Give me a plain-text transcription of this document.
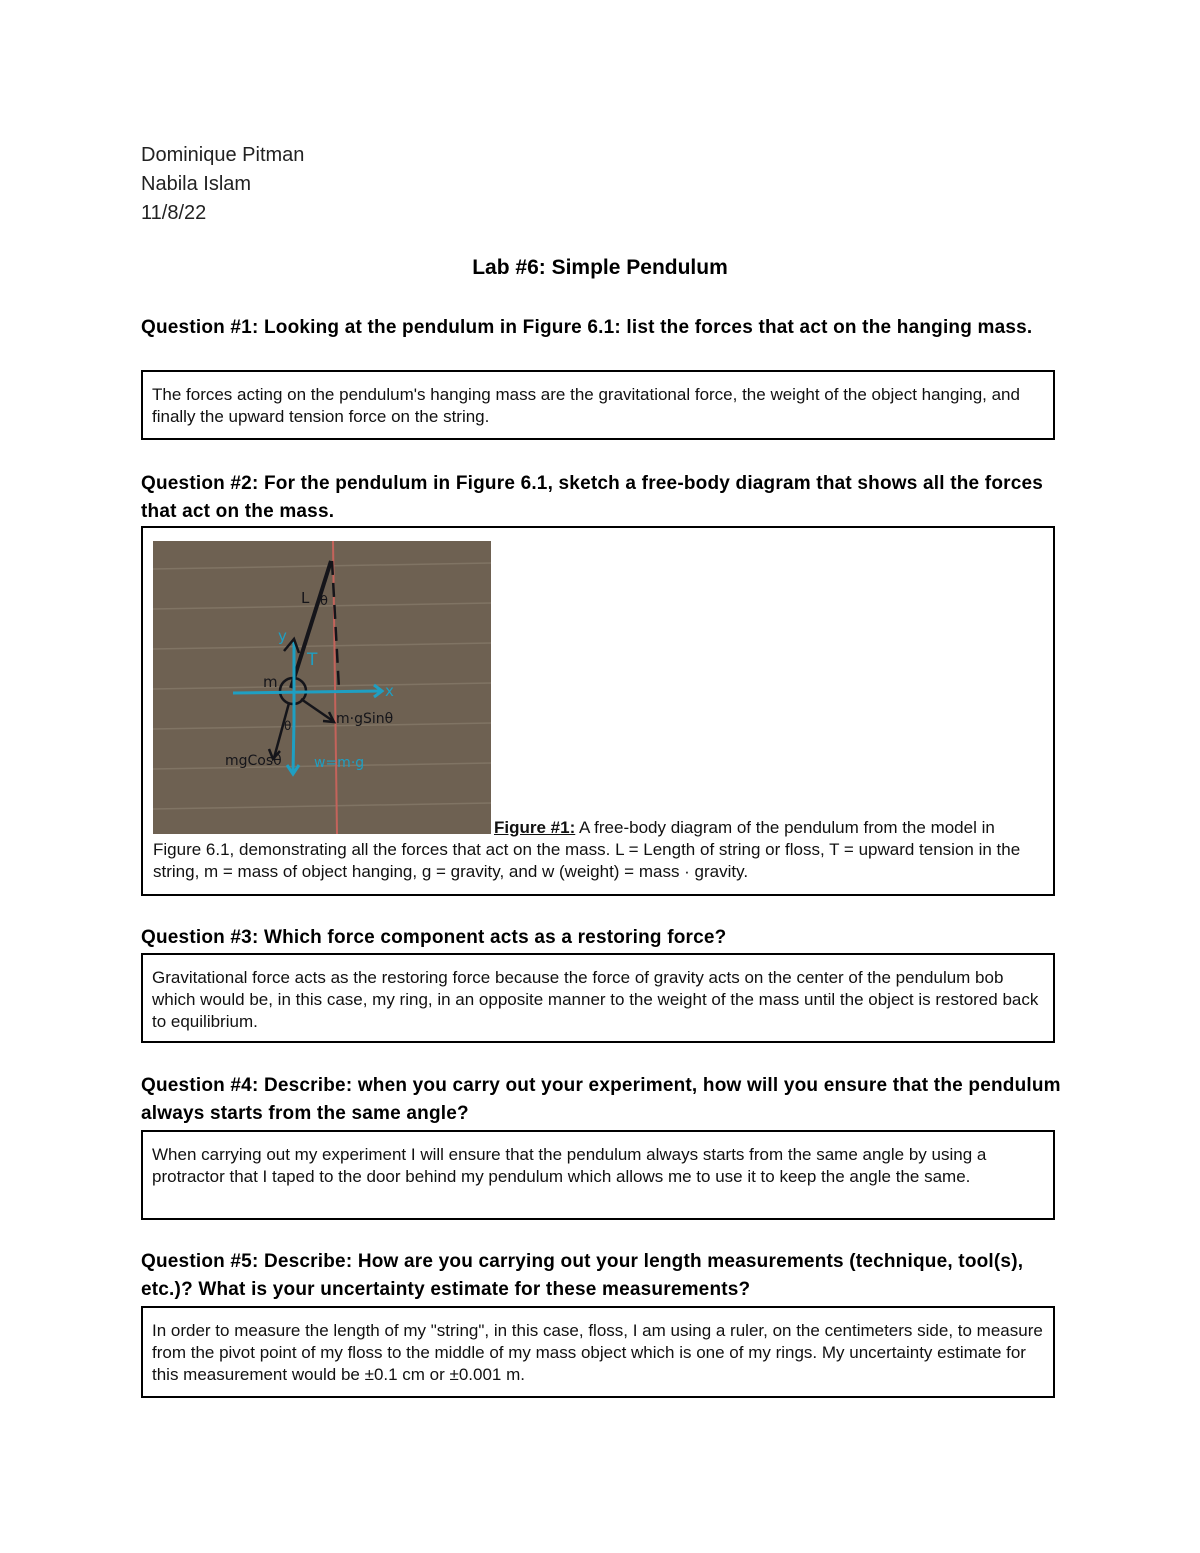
Dominique Pitman
Nabila Islam
11/8/22
Lab #6: Simple Pendulum
Question #1: Looking at the pendulum in Figure 6.1: list the forces that act on the hanging mass.
The forces acting on the pendulum's hanging mass are the gravitational force, the weight of the object hanging, and finally the upward tension force on the string.
Question #2: For the pendulum in Figure 6.1, sketch a free-body diagram that shows all the forces that act on the mass.
L θ
y
T
m	x
m·gSinθ
θ
mgCosθ w=m·g
Figure #1: A free-body diagram of the pendulum from the model in Figure 6.1, demonstrating all the forces that act on the mass. L = Length of string or floss, T = upward tension in the string, m = mass of object hanging, g = gravity, and w (weight) = mass · gravity.
Question #3: Which force component acts as a restoring force?
Gravitational force acts as the restoring force because the force of gravity acts on the center of the pendulum bob which would be, in this case, my ring, in an opposite manner to the weight of the mass until the object is restored back to equilibrium.
Question #4: Describe: when you carry out your experiment, how will you ensure that the pendulum always starts from the same angle?
When carrying out my experiment I will ensure that the pendulum always starts from the same angle by using a protractor that I taped to the door behind my pendulum which allows me to use it to keep the angle the same.
Question #5: Describe: How are you carrying out your length measurements (technique, tool(s), etc.)? What is your uncertainty estimate for these measurements?
In order to measure the length of my "string", in this case, floss, I am using a ruler, on the centimeters side, to measure from the pivot point of my floss to the middle of my mass object which is one of my rings. My uncertainty estimate for this measurement would be ±0.1 cm or ±0.001 m.
